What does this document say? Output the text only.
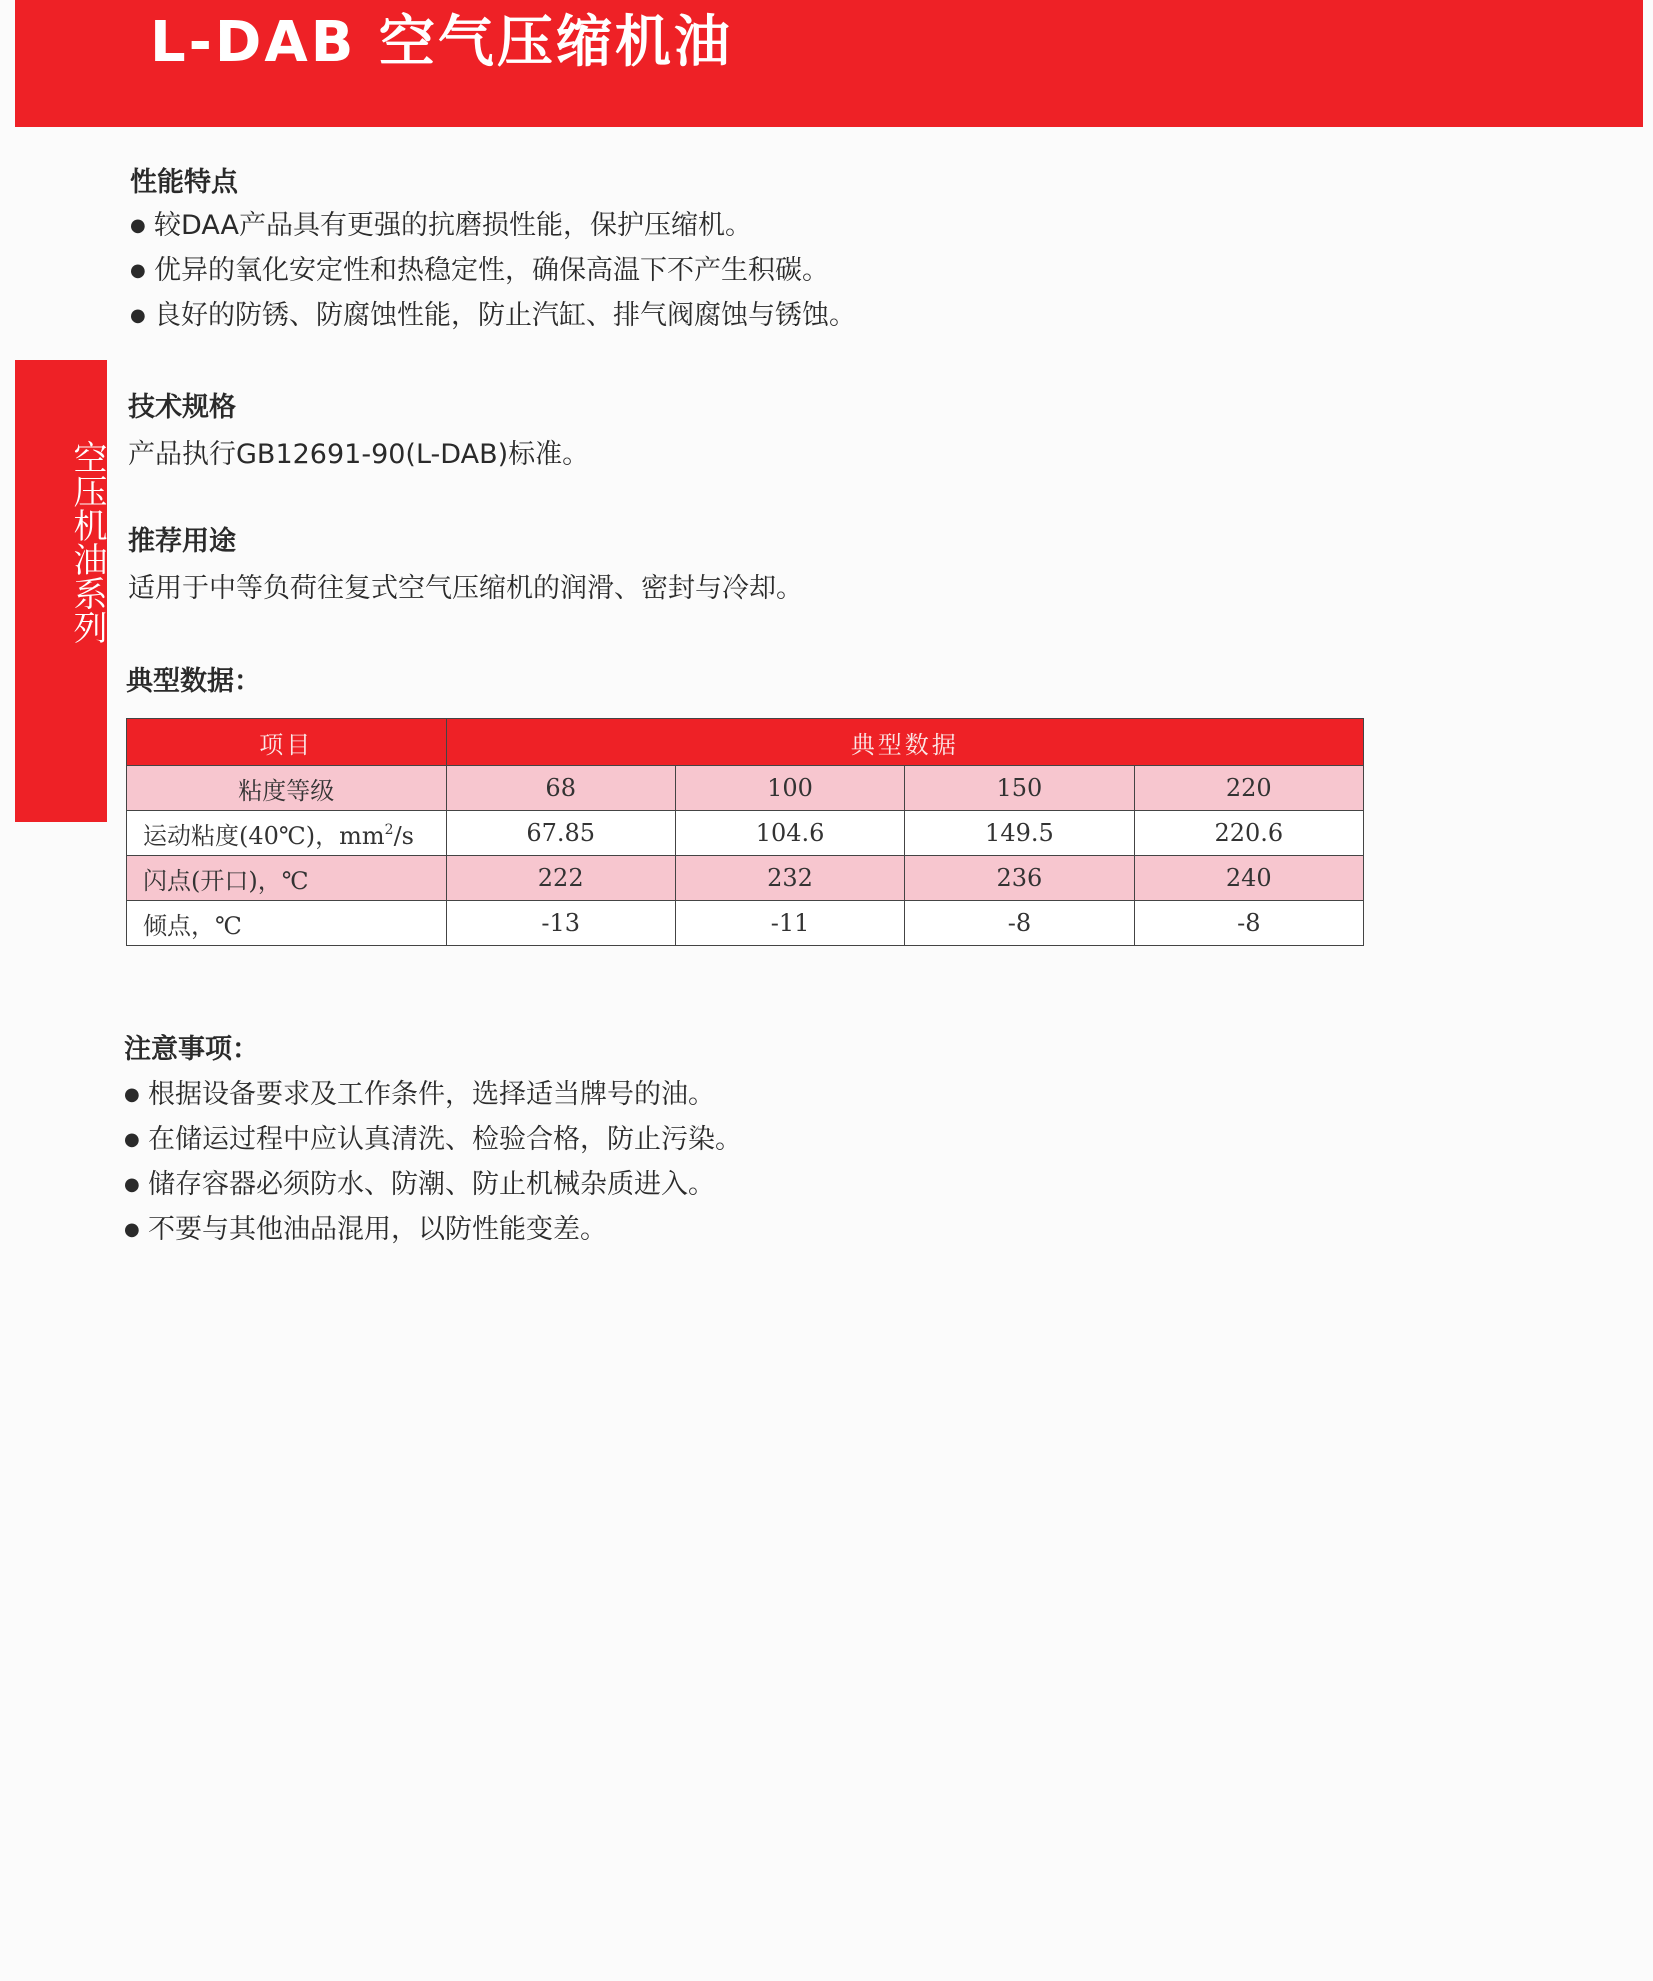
L-DAB 空气压缩机油
空压机油系列
性能特点
● 较DAA产品具有更强的抗磨损性能，保护压缩机。
● 优异的氧化安定性和热稳定性，确保高温下不产生积碳。
● 良好的防锈、防腐蚀性能，防止汽缸、排气阀腐蚀与锈蚀。
技术规格

产品执行GB12691-90(L-DAB)标准。

推荐用途

适用于中等负荷往复式空气压缩机的润滑、密封与冷却。

典型数据：
项目	典型数据			
粘度等级	68	100	150	220
运动粘度(40℃)，$mm^2/s$	67.85	104.6	149.5	220.6
闪点(开口)，℃	222	232	236	240
倾点，℃	-13	-11	-8	-8
注意事项：
● 根据设备要求及工作条件，选择适当牌号的油。
● 在储运过程中应认真清洗、检验合格，防止污染。
● 储存容器必须防水、防潮、防止机械杂质进入。
● 不要与其他油品混用，以防性能变差。
